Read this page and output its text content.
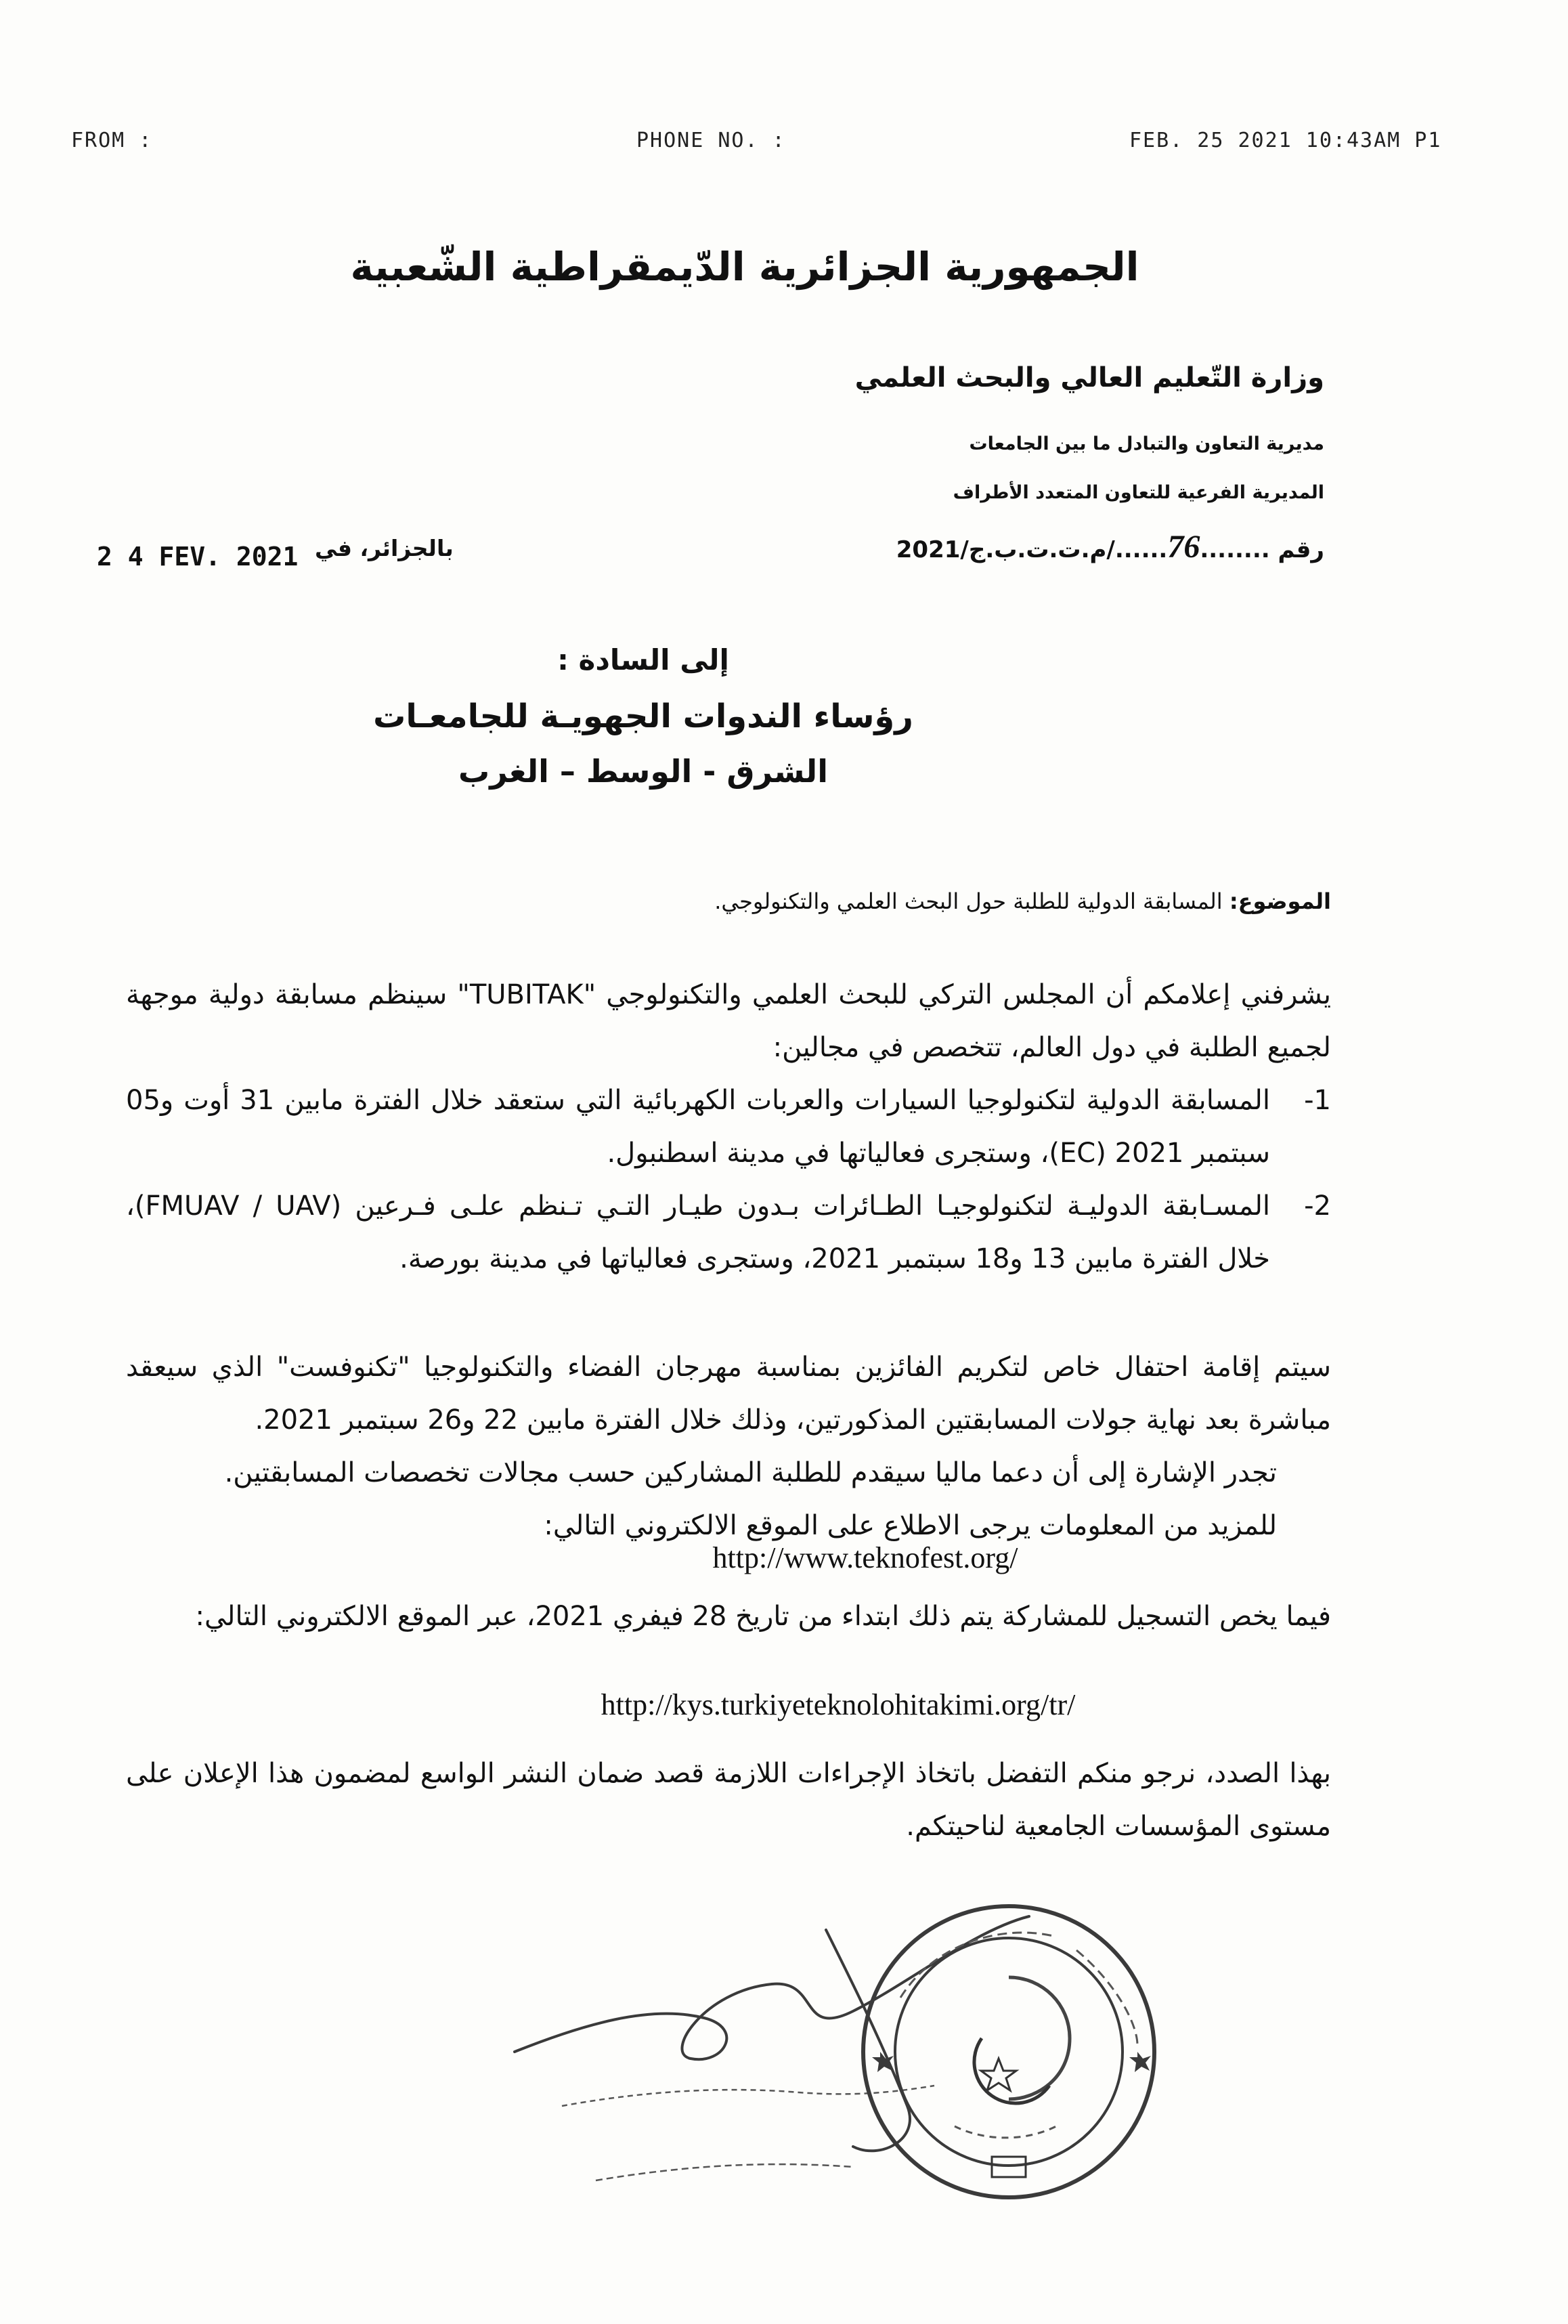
FROM :	PHONE NO. :	FEB. 25 2021 10:43AM P1
الجمهورية الجزائرية الدّيمقراطية الشّعبية
وزارة التّعليم العالي والبحث العلمي
مديرية التعاون والتبادل ما بين الجامعات
المديرية الفرعية للتعاون المتعدد الأطراف
رقم ........76....../م.ت.ت.ب.ج/2021
بالجزائر، في
2 4 FEV. 2021
إلى السادة :
رؤساء الندوات الجهويـة للجامعـات
الشرق - الوسط – الغرب
الموضوع: المسابقة الدولية للطلبة حول البحث العلمي والتكنولوجي.
يشرفني إعلامكم أن المجلس التركي للبحث العلمي والتكنولوجي "TUBITAK" سينظم مسابقة دولية موجهة لجميع الطلبة في دول العالم، تتخصص في مجالين:
1-
المسابقة الدولية لتكنولوجيا السيارات والعربات الكهربائية التي ستعقد خلال الفترة مابين 31 أوت و05 سبتمبر 2021 (EC)، وستجرى فعالياتها في مدينة اسطنبول.
2-
المسـابقة الدوليـة لتكنولوجيـا الطـائرات بـدون طيـار التـي تـنظم علـى فـرعين (FMUAV / UAV)، خلال الفترة مابين 13 و18 سبتمبر 2021، وستجرى فعالياتها في مدينة بورصة.
سيتم إقامة احتفال خاص لتكريم الفائزين بمناسبة مهرجان الفضاء والتكنولوجيا "تكنوفست" الذي سيعقد مباشرة بعد نهاية جولات المسابقتين المذكورتين، وذلك خلال الفترة مابين 22 و26 سبتمبر 2021.
تجدر الإشارة إلى أن دعما ماليا سيقدم للطلبة المشاركين حسب مجالات تخصصات المسابقتين.
للمزيد من المعلومات يرجى الاطلاع على الموقع الالكتروني التالي:
http://www.teknofest.org/
فيما يخص التسجيل للمشاركة يتم ذلك ابتداء من تاريخ 28 فيفري 2021، عبر الموقع الالكتروني التالي:
http://kys.turkiyeteknolohitakimi.org/tr/
بهذا الصدد، نرجو منكم التفضل باتخاذ الإجراءات اللازمة قصد ضمان النشر الواسع لمضمون هذا الإعلان على مستوى المؤسسات الجامعية لناحيتكم.
